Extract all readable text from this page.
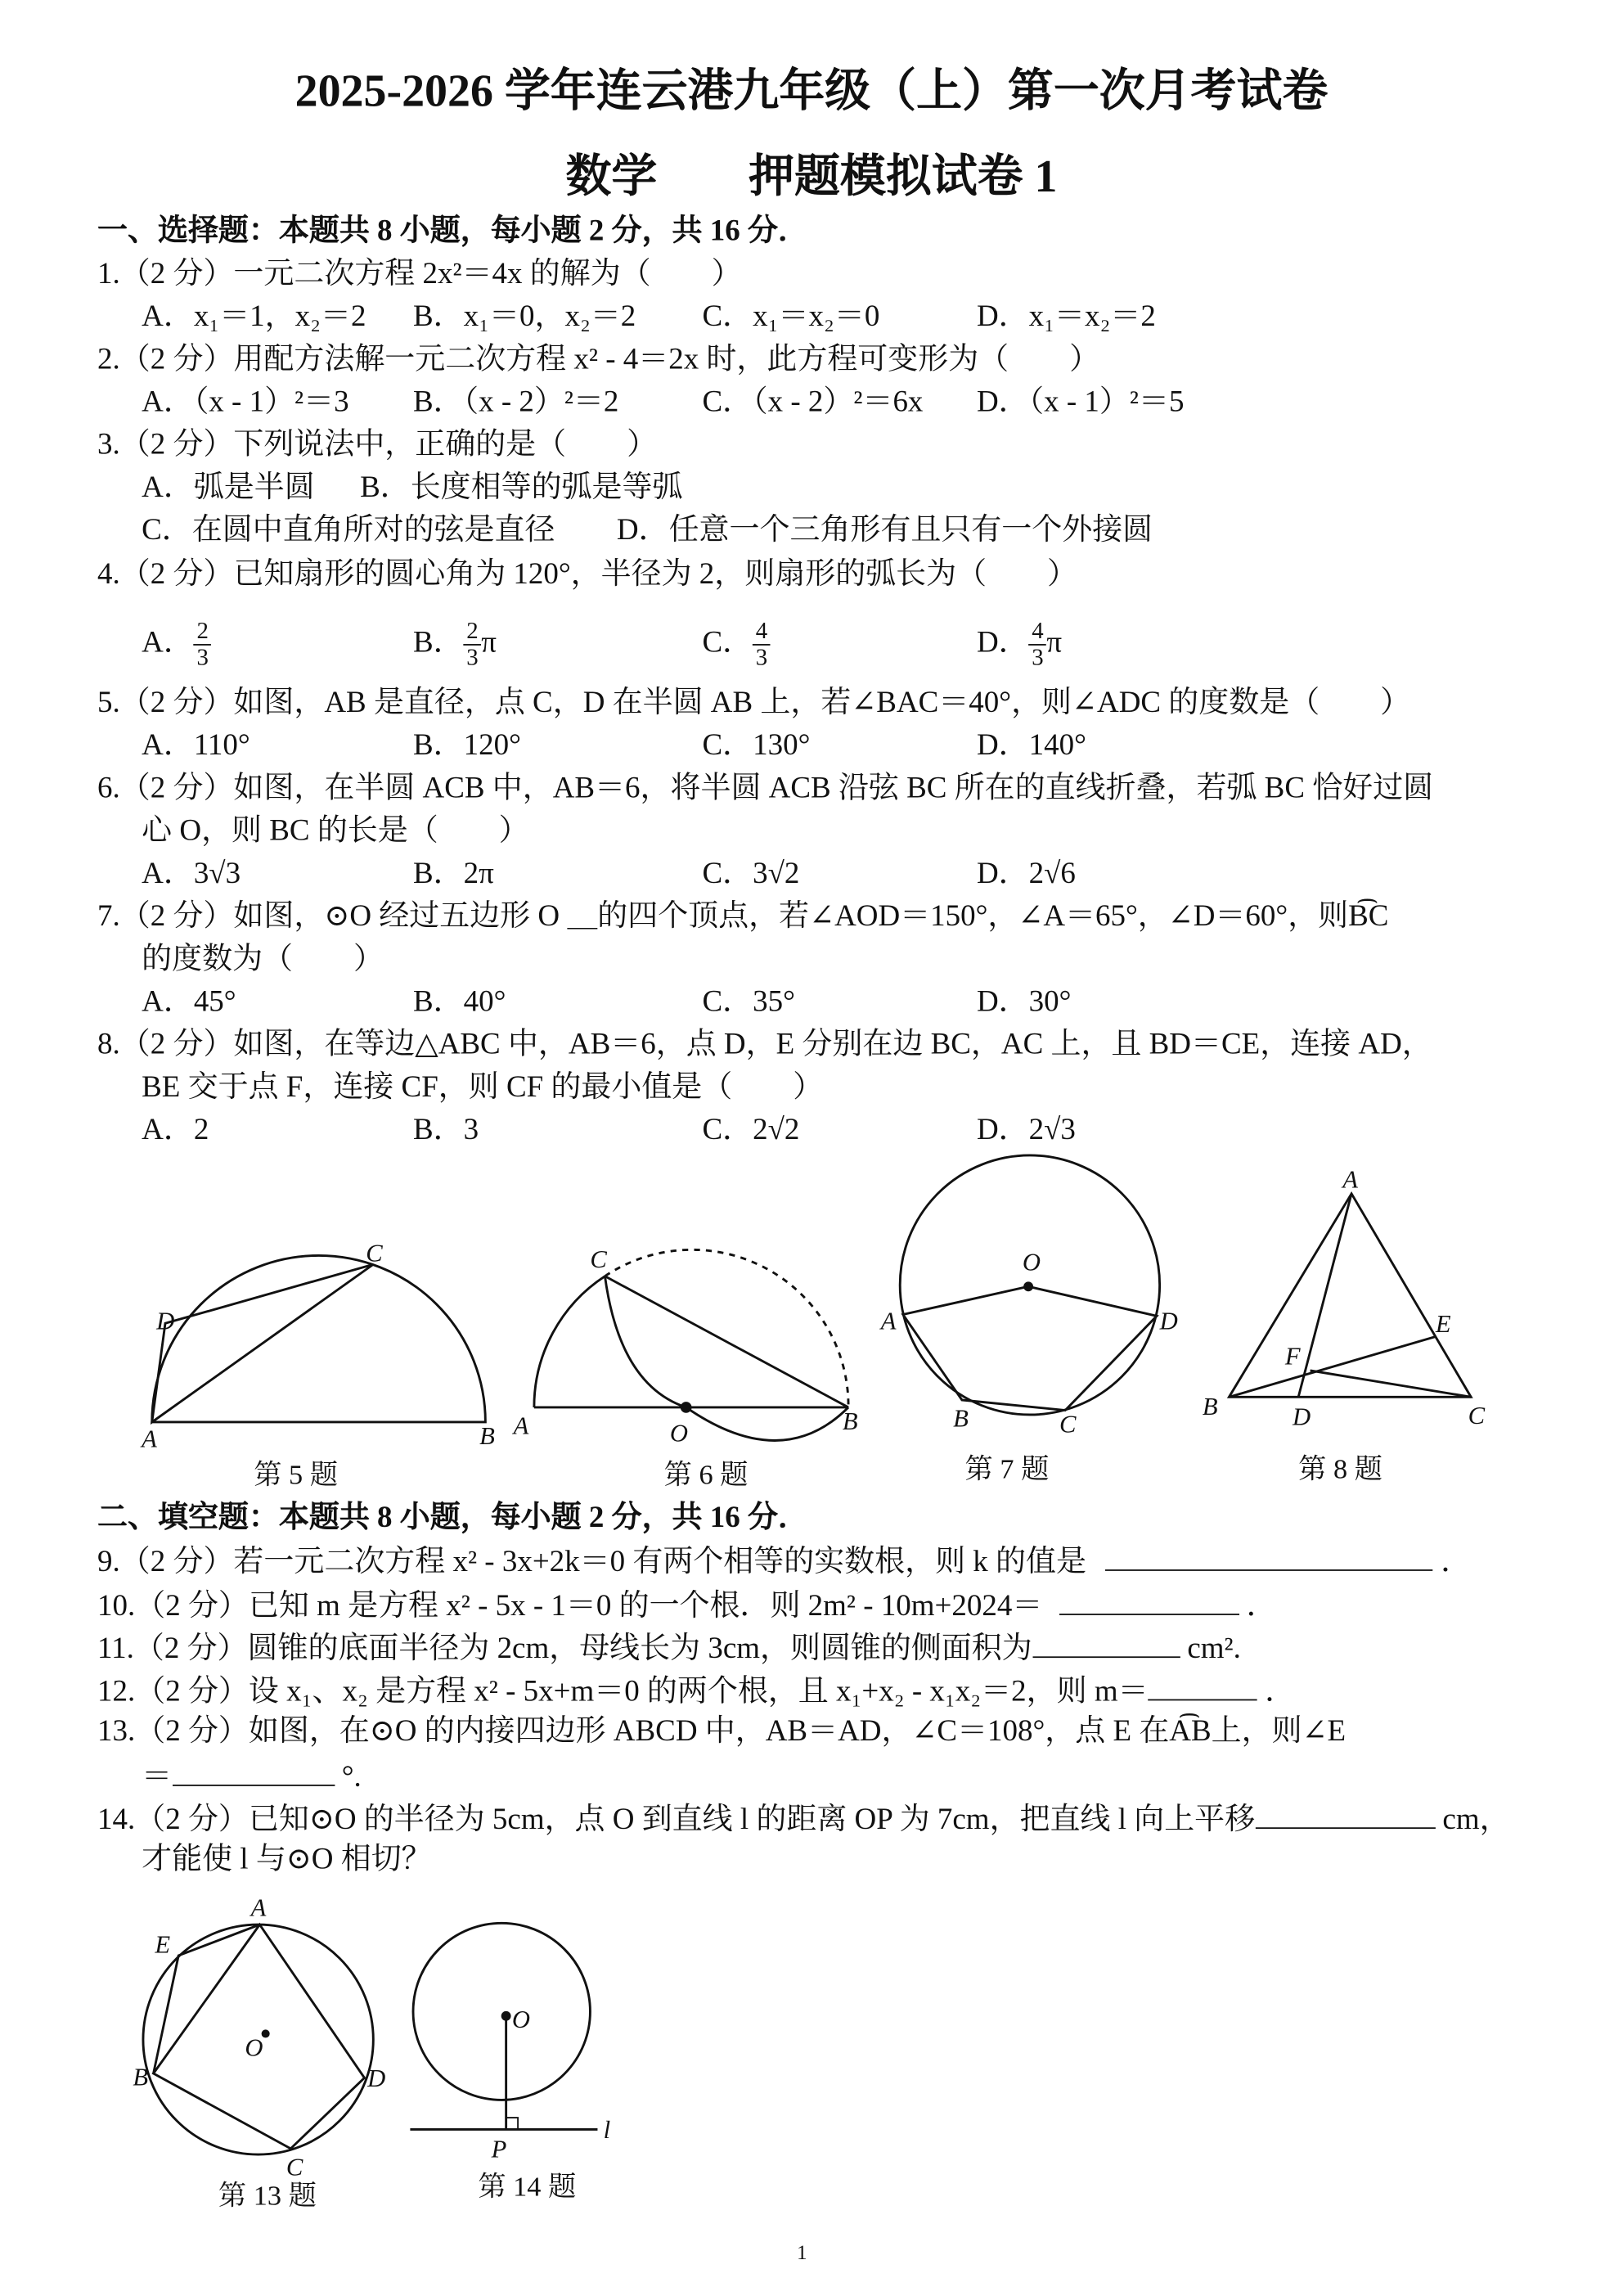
2025-2026 学年连云港九年级（上）第一次月考试卷
数学　　押题模拟试卷 1
一、选择题：本题共 8 小题，每小题 2 分，共 16 分．
1.（2 分）一元二次方程 2x²＝4x 的解为（　　）
A．x₁＝1，x₂＝2	B．x₁＝0，x₂＝2	C．x₁＝x₂＝0	D．x₁＝x₂＝2
2.（2 分）用配方法解一元二次方程 x² - 4＝2x 时，此方程可变形为（　　）
A．（x - 1）²＝3	B．（x - 2）²＝2	C．（x - 2）²＝6x	D．（x - 1）²＝5
3.（2 分）下列说法中，正确的是（　　）
A．弧是半圆	B．长度相等的弧是等弧
C．在圆中直角所对的弦是直径	D．任意一个三角形有且只有一个外接圆
4.（2 分）已知扇形的圆心角为 120°，半径为 2，则扇形的弧长为（　　）
A． $\frac{2}{3}$	B． $\frac{2}{3}$ π	C． $\frac{4}{3}$	D． $\frac{4}{3}$ π
5.（2 分）如图，AB 是直径，点 C，D 在半圆 AB 上，若∠BAC＝40°，则∠ADC 的度数是（　　）
A．110°	B．120°	C．130°	D．140°
6.（2 分）如图，在半圆 ACB 中，AB＝6，将半圆 ACB 沿弦 BC 所在的直线折叠，若弧 BC 恰好过圆
心 O，则 BC 的长是（　　）
A．3√3	B．2π	C．3√2	D．2√6
7.（2 分）如图，⊙O 经过五边形 O ＿的四个顶点，若∠AOD＝150°，∠A＝65°，∠D＝60°，则B͡C
的度数为（　　）
A．45°	B．40°	C．35°	D．30°
8.（2 分）如图，在等边△ABC 中，AB＝6，点 D，E 分别在边 BC，AC 上，且 BD＝CE，连接 AD，
BE 交于点 F，连接 CF，则 CF 的最小值是（　　）
A．2	B．3	C．2√2	D．2√3
A	B
C
D
第 5 题
A	B
C
O
第 6 题
O
A	D
B	C
第 7 题
A
B	C
D
E
F
第 8 题
A
E
B
C
D
O
第 13 题
O
P
l
第 14 题
二、填空题：本题共 8 小题，每小题 2 分，共 16 分．
9.（2 分）若一元二次方程 x² - 3x+2k＝0 有两个相等的实数根，则 k 的值是	．
10.（2 分）已知 m 是方程 x² - 5x - 1＝0 的一个根．则 2m² - 10m+2024＝	．
11.（2 分）圆锥的底面半径为 2cm，母线长为 3cm，则圆锥的侧面积为	cm².
12.（2 分）设 x₁、x₂ 是方程 x² - 5x+m＝0 的两个根，且 x₁+x₂ - x₁x₂＝2，则 m＝	．
13.（2 分）如图，在⊙O 的内接四边形 ABCD 中，AB＝AD，∠C＝108°，点 E 在A͡B上，则∠E
＝	°.
14.（2 分）已知⊙O 的半径为 5cm，点 O 到直线 l 的距离 OP 为 7cm，把直线 l 向上平移	cm，
才能使 l 与⊙O 相切？
1
